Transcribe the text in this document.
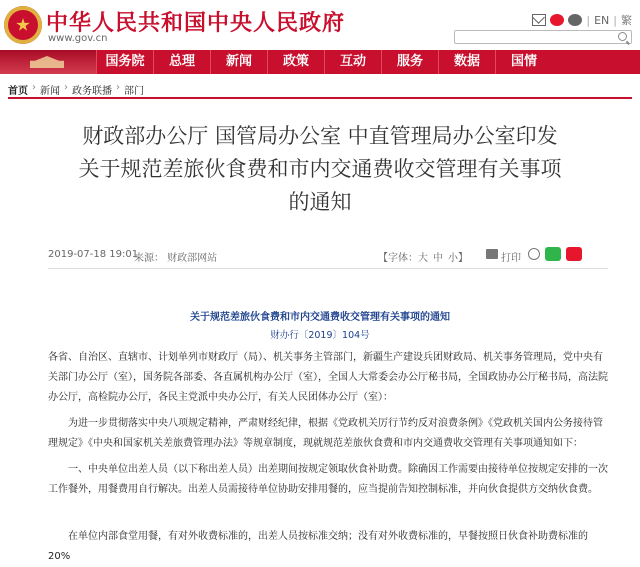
中华人民共和国中央人民政府
www.gov.cn
| EN | 繁
国务院	总理	新闻	政策	互动	服务	数据	国情
首页 › 新闻 › 政务联播 › 部门
财政部办公厅 国管局办公室 中直管理局办公室印发
关于规范差旅伙食费和市内交通费收交管理有关事项
的通知
2019-07-18 19:01
来源： 财政部网站	【字体：大 中 小】	打印
关于规范差旅伙食费和市内交通费收交管理有关事项的通知
财办行〔2019〕104号
各省、自治区、直辖市、计划单列市财政厅（局）、机关事务主管部门，新疆生产建设兵团财政局、机关事务管理局，党中央有关部门办公厅（室），国务院各部委、各直属机构办公厅（室），全国人大常委会办公厅秘书局，全国政协办公厅秘书局，高法院办公厅，高检院办公厅，各民主党派中央办公厅，有关人民团体办公厅（室）：
为进一步贯彻落实中央八项规定精神，严肃财经纪律，根据《党政机关厉行节约反对浪费条例》《党政机关国内公务接待管理规定》《中央和国家机关差旅费管理办法》等规章制度，现就规范差旅伙食费和市内交通费收交管理有关事项通知如下：
一、中央单位出差人员（以下称出差人员）出差期间按规定领取伙食补助费。除确因工作需要由接待单位按规定安排的一次工作餐外，用餐费用自行解决。出差人员需接待单位协助安排用餐的，应当提前告知控制标准，并向伙食提供方交纳伙食费。
在单位内部食堂用餐，有对外收费标准的，出差人员按标准交纳；没有对外收费标准的，早餐按照日伙食补助费标准的20%
